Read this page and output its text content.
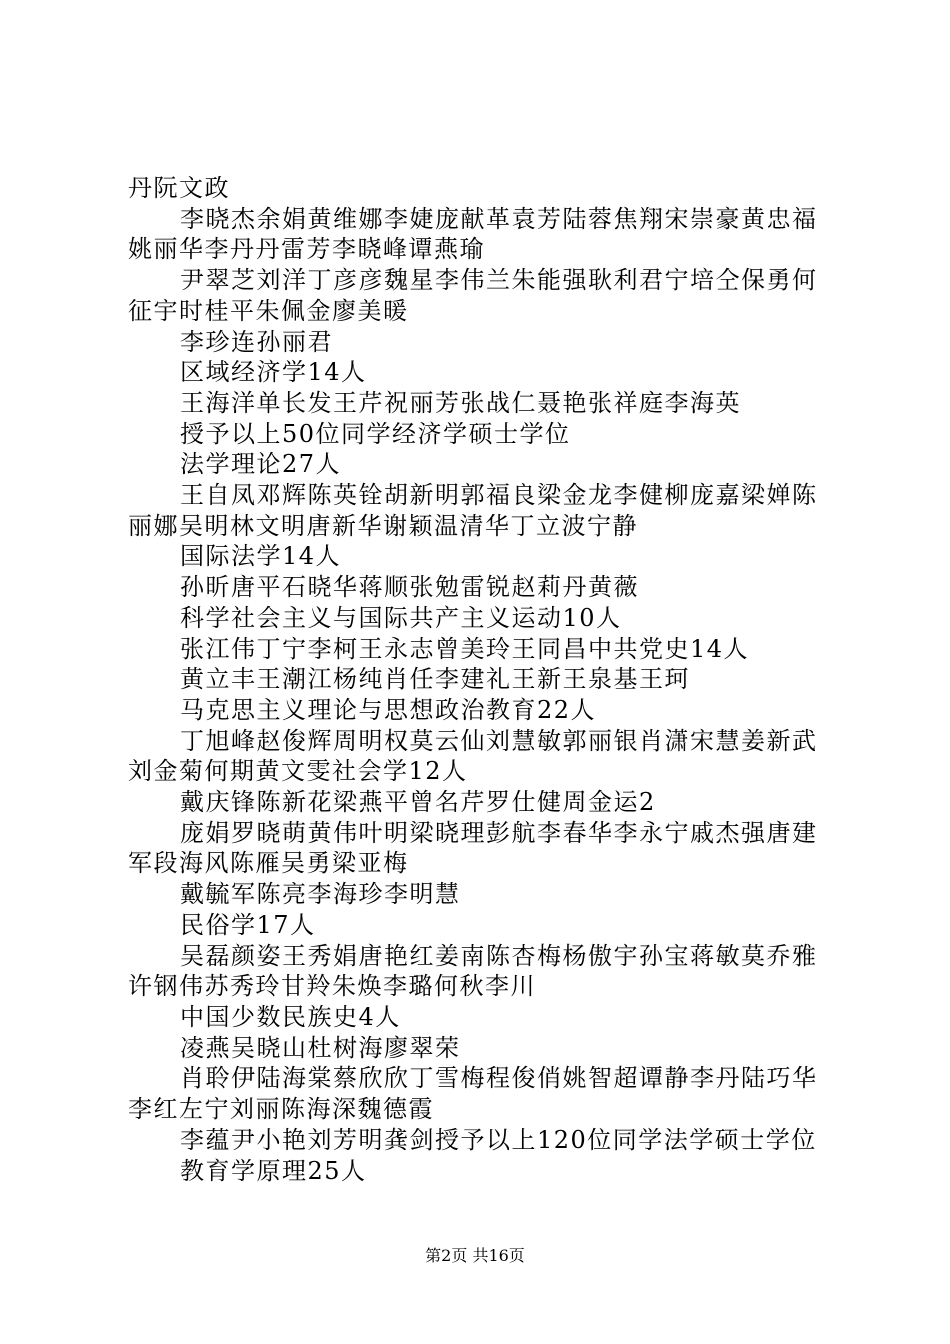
丹阮文政

李晓杰余娟黄维娜李婕庞献革袁芳陆蓉焦翔宋崇豪黄忠福姚丽华李丹丹雷芳李晓峰谭燕瑜

尹翠芝刘洋丁彦彦魏星李伟兰朱能强耿利君宁培仝保勇何征宇时桂平朱佩金廖美暖

李珍连孙丽君

区域经济学14人

王海洋单长发王芹祝丽芳张战仁聂艳张祥庭李海英

授予以上50位同学经济学硕士学位

法学理论27人

王自凤邓辉陈英铨胡新明郭福良梁金龙李健柳庞嘉梁婵陈丽娜吴明林文明唐新华谢颖温清华丁立波宁静

国际法学14人

孙昕唐平石晓华蒋顺张勉雷锐赵莉丹黄薇

科学社会主义与国际共产主义运动10人

张江伟丁宁李柯王永志曾美玲王同昌中共党史14人

黄立丰王潮江杨纯肖任李建礼王新王泉基王珂

马克思主义理论与思想政治教育22人

丁旭峰赵俊辉周明权莫云仙刘慧敏郭丽银肖潇宋慧姜新武刘金菊何期黄文雯社会学12人

戴庆锋陈新花梁燕平曾名芹罗仕健周金运2

庞娟罗晓萌黄伟叶明梁晓理彭航李春华李永宁戚杰强唐建军段海风陈雁吴勇梁亚梅

戴毓军陈亮李海珍李明慧

民俗学17人

吴磊颜姿王秀娟唐艳红姜南陈杏梅杨傲宇孙宝蒋敏莫乔雅许钢伟苏秀玲甘羚朱焕李璐何秋李川

中国少数民族史4人

凌燕吴晓山杜树海廖翠荣

肖聆伊陆海棠蔡欣欣丁雪梅程俊俏姚智超谭静李丹陆巧华李红左宁刘丽陈海深魏德霞

李蕴尹小艳刘芳明龚剑授予以上120位同学法学硕士学位

教育学原理25人

第2页 共16页
